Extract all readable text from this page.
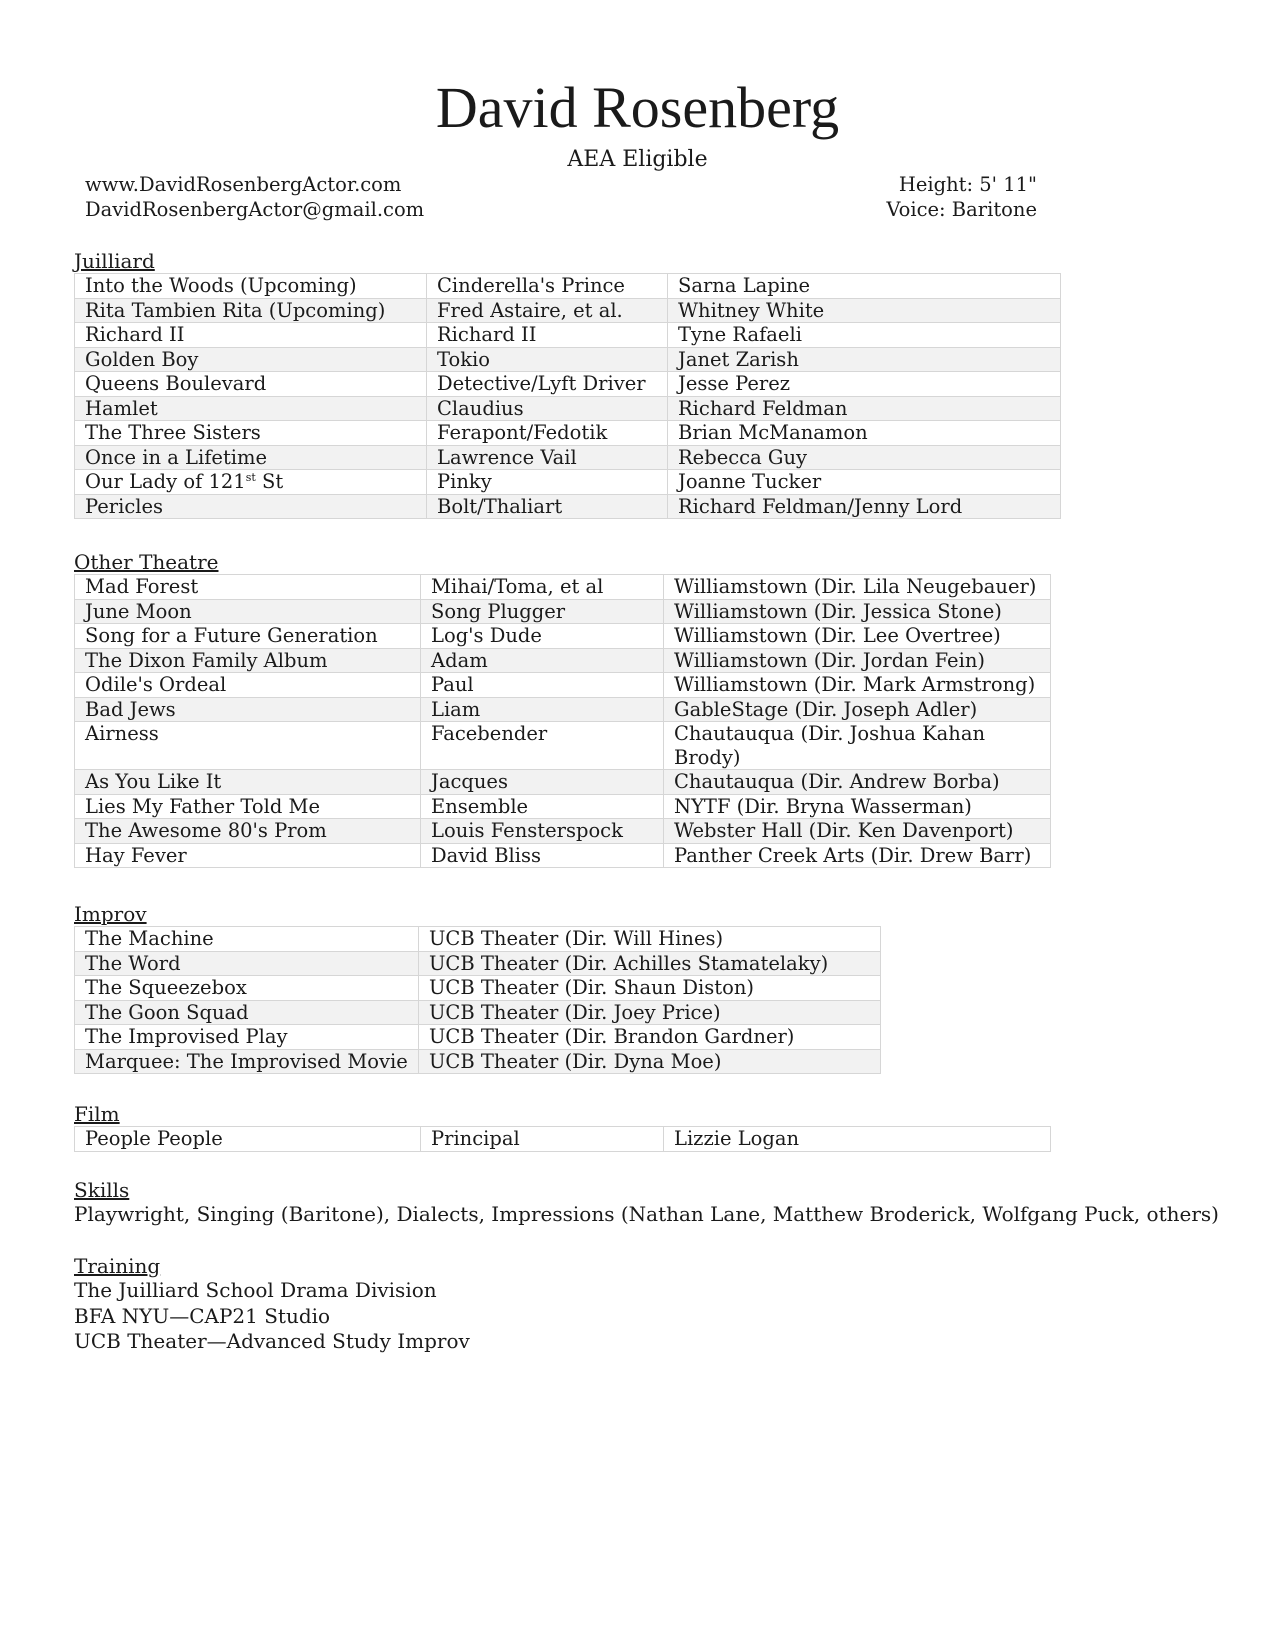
David Rosenberg
AEA Eligible
www.DavidRosenbergActor.com
DavidRosenbergActor@gmail.com
Height: 5' 11"
Voice: Baritone
Juilliard
Into the Woods (Upcoming)	Cinderella's Prince	Sarna Lapine
Rita Tambien Rita (Upcoming)	Fred Astaire, et al.	Whitney White
Richard II	Richard II	Tyne Rafaeli
Golden Boy	Tokio	Janet Zarish
Queens Boulevard	Detective/Lyft Driver	Jesse Perez
Hamlet	Claudius	Richard Feldman
The Three Sisters	Ferapont/Fedotik	Brian McManamon
Once in a Lifetime	Lawrence Vail	Rebecca Guy
Our Lady of 121st St	Pinky	Joanne Tucker
Pericles	Bolt/Thaliart	Richard Feldman/Jenny Lord
Other Theatre
Mad Forest	Mihai/Toma, et al	Williamstown (Dir. Lila Neugebauer)
June Moon	Song Plugger	Williamstown (Dir. Jessica Stone)
Song for a Future Generation	Log's Dude	Williamstown (Dir. Lee Overtree)
The Dixon Family Album	Adam	Williamstown (Dir. Jordan Fein)
Odile's Ordeal	Paul	Williamstown (Dir. Mark Armstrong)
Bad Jews	Liam	GableStage (Dir. Joseph Adler)
Airness	Facebender	Chautauqua (Dir. Joshua Kahan Brody)
As You Like It	Jacques	Chautauqua (Dir. Andrew Borba)
Lies My Father Told Me	Ensemble	NYTF (Dir. Bryna Wasserman)
The Awesome 80's Prom	Louis Fensterspock	Webster Hall (Dir. Ken Davenport)
Hay Fever	David Bliss	Panther Creek Arts (Dir. Drew Barr)
Improv
The Machine	UCB Theater (Dir. Will Hines)
The Word	UCB Theater (Dir. Achilles Stamatelaky)
The Squeezebox	UCB Theater (Dir. Shaun Diston)
The Goon Squad	UCB Theater (Dir. Joey Price)
The Improvised Play	UCB Theater (Dir. Brandon Gardner)
Marquee: The Improvised Movie	UCB Theater (Dir. Dyna Moe)
Film
People People	Principal	Lizzie Logan
Skills
Playwright, Singing (Baritone), Dialects, Impressions (Nathan Lane, Matthew Broderick, Wolfgang Puck, others)
Training
The Juilliard School Drama Division
BFA NYU—CAP21 Studio
UCB Theater—Advanced Study Improv
